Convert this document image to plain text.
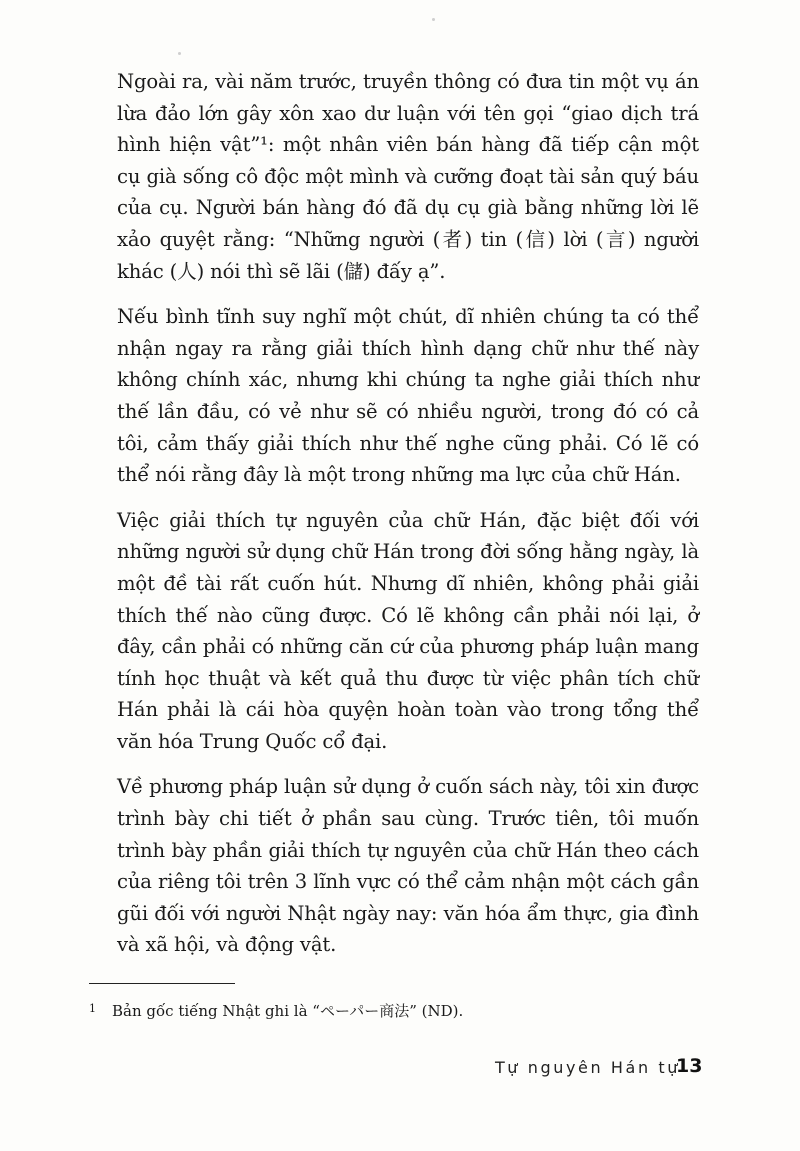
Ngoài ra, vài năm trước, truyền thông có đưa tin một vụ án lừa đảo lớn gây xôn xao dư luận với tên gọi “giao dịch trá hình hiện vật”¹: một nhân viên bán hàng đã tiếp cận một cụ già sống cô độc một mình và cưỡng đoạt tài sản quý báu của cụ. Người bán hàng đó đã dụ cụ già bằng những lời lẽ xảo quyệt rằng: “Những người (者) tin (信) lời (言) người khác (人) nói thì sẽ lãi (儲) đấy ạ”.

Nếu bình tĩnh suy nghĩ một chút, dĩ nhiên chúng ta có thể nhận ngay ra rằng giải thích hình dạng chữ như thế này không chính xác, nhưng khi chúng ta nghe giải thích như thế lần đầu, có vẻ như sẽ có nhiều người, trong đó có cả tôi, cảm thấy giải thích như thế nghe cũng phải. Có lẽ có thể nói rằng đây là một trong những ma lực của chữ Hán.

Việc giải thích tự nguyên của chữ Hán, đặc biệt đối với những người sử dụng chữ Hán trong đời sống hằng ngày, là một đề tài rất cuốn hút. Nhưng dĩ nhiên, không phải giải thích thế nào cũng được. Có lẽ không cần phải nói lại, ở đây, cần phải có những căn cứ của phương pháp luận mang tính học thuật và kết quả thu được từ việc phân tích chữ Hán phải là cái hòa quyện hoàn toàn vào trong tổng thể văn hóa Trung Quốc cổ đại.

Về phương pháp luận sử dụng ở cuốn sách này, tôi xin được trình bày chi tiết ở phần sau cùng. Trước tiên, tôi muốn trình bày phần giải thích tự nguyên của chữ Hán theo cách của riêng tôi trên 3 lĩnh vực có thể cảm nhận một cách gần gũi đối với người Nhật ngày nay: văn hóa ẩm thực, gia đình và xã hội, và động vật.

$^1$ Bản gốc tiếng Nhật ghi là “ペーパー商法” (ND).
Tự nguyên Hán tự
13
